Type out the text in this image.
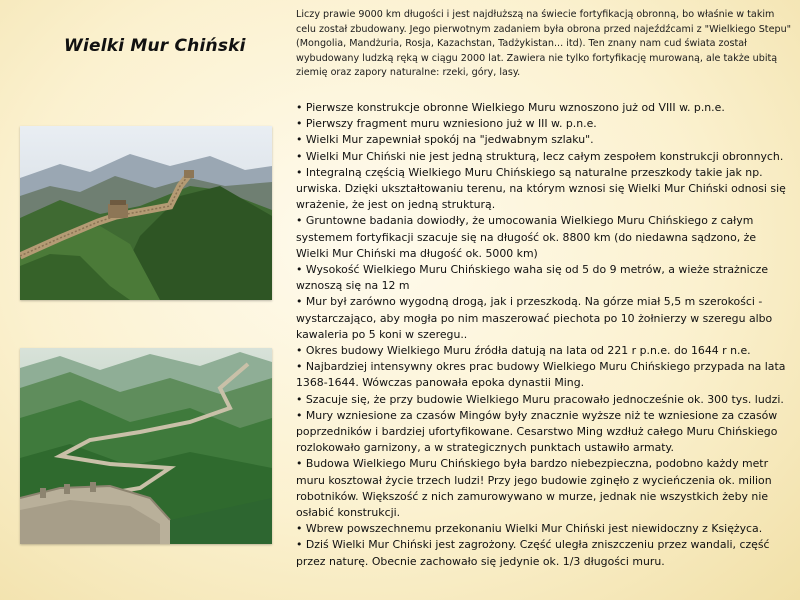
Wielki Mur Chiński

Liczy prawie 9000 km długości i jest najdłuższą na świecie fortyfikacją obronną, bo właśnie w takim celu został zbudowany. Jego pierwotnym zadaniem była obrona przed najeźdźcami z "Wielkiego Stepu"(Mongolia, Mandżuria, Rosja, Kazachstan, Tadżykistan... itd). Ten znany nam cud świata został wybudowany ludzką ręką w ciągu 2000 lat. Zawiera nie tylko fortyfikację murowaną, ale także ubitą ziemię oraz zapory naturalne: rzeki, góry, lasy.

• Pierwsze konstrukcje obronne Wielkiego Muru wznoszono już od VIII w. p.n.e.
• Pierwszy fragment muru wzniesiono już w III w. p.n.e.
• Wielki Mur zapewniał spokój na "jedwabnym szlaku".
• Wielki Mur Chiński nie jest jedną strukturą, lecz całym zespołem konstrukcji obronnych.
• Integralną częścią Wielkiego Muru Chińskiego są naturalne przeszkody takie jak np. urwiska. Dzięki ukształtowaniu terenu, na którym wznosi się Wielki Mur Chiński odnosi się wrażenie, że jest on jedną strukturą.
• Gruntowne badania dowiodły, że umocowania Wielkiego Muru Chińskiego z całym systemem fortyfikacji szacuje się na długość ok. 8800 km (do niedawna sądzono, że Wielki Mur Chiński ma długość ok. 5000 km)
• Wysokość Wielkiego Muru Chińskiego waha się od 5 do 9 metrów, a wieże strażnicze wznoszą się na 12 m
• Mur był zarówno wygodną drogą, jak i przeszkodą. Na górze miał 5,5 m szerokości - wystarczająco, aby mogła po nim maszerować piechota po 10 żołnierzy w szeregu albo kawaleria po 5 koni w szeregu..
• Okres budowy Wielkiego Muru źródła datują na lata od 221 r p.n.e. do 1644 r n.e.
• Najbardziej intensywny okres prac budowy Wielkiego Muru Chińskiego przypada na lata 1368-1644. Wówczas panowała epoka dynastii Ming.
• Szacuje się, że przy budowie Wielkiego Muru pracowało jednocześnie ok. 300 tys. ludzi.
• Mury wzniesione za czasów Mingów były znacznie wyższe niż te wzniesione za czasów poprzedników i bardziej ufortyfikowane. Cesarstwo Ming wzdłuż całego Muru Chińskiego rozlokowało garnizony, a w strategicznych punktach ustawiło armaty.
• Budowa Wielkiego Muru Chińskiego była bardzo niebezpieczna, podobno każdy metr muru kosztował życie trzech ludzi! Przy jego budowie zginęło z wycieńczenia ok. milion robotników. Większość z nich zamurowywano w murze, jednak nie wszystkich żeby nie osłabić konstrukcji.
• Wbrew powszechnemu przekonaniu Wielki Mur Chiński jest niewidoczny z Księżyca.
• Dziś Wielki Mur Chiński jest zagrożony. Część uległa zniszczeniu przez wandali, część przez naturę. Obecnie zachowało się jedynie ok. 1/3 długości muru.
